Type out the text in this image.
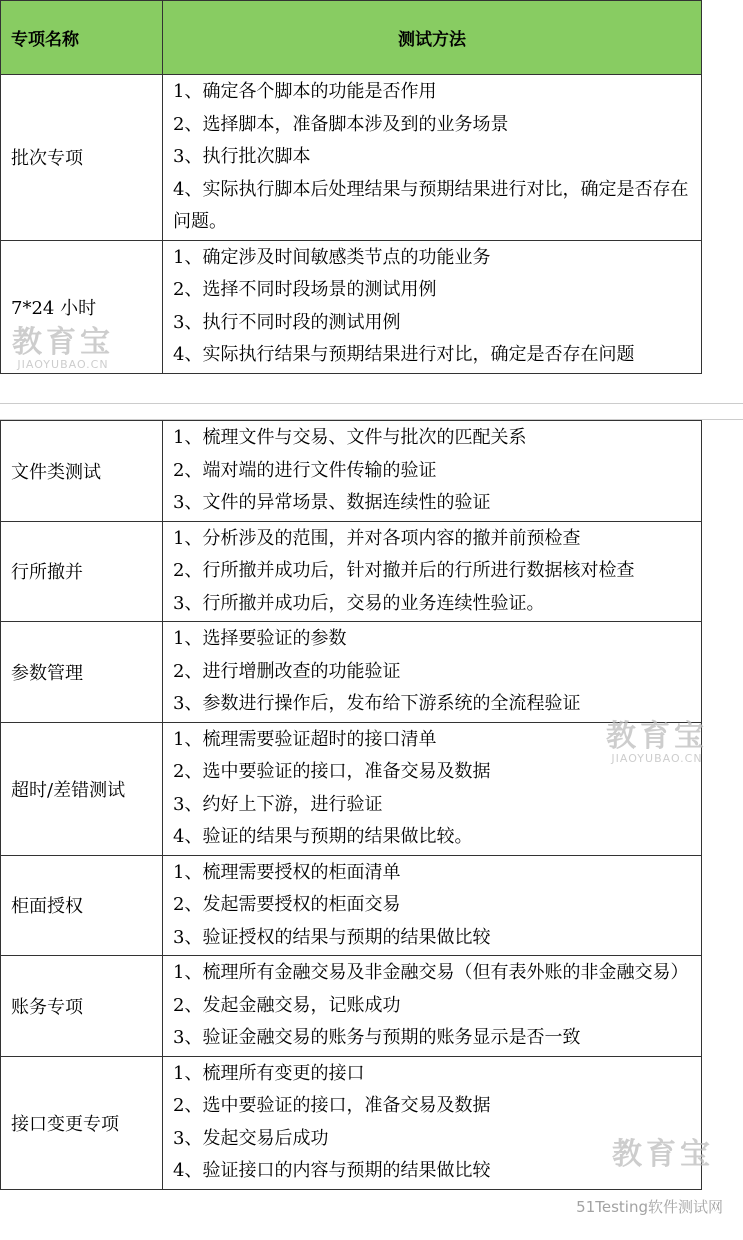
专项名称	测试方法
批次专项	1、确定各个脚本的功能是否作用
2、选择脚本，准备脚本涉及到的业务场景
3、执行批次脚本
4、实际执行脚本后处理结果与预期结果进行对比，确定是否存在问题。

7*24 小时	1、确定涉及时间敏感类节点的功能业务
2、选择不同时段场景的测试用例
3、执行不同时段的测试用例
4、实际执行结果与预期结果进行对比，确定是否存在问题
文件类测试	1、梳理文件与交易、文件与批次的匹配关系
2、端对端的进行文件传输的验证
3、文件的异常场景、数据连续性的验证

行所撤并	1、分析涉及的范围，并对各项内容的撤并前预检查
2、行所撤并成功后，针对撤并后的行所进行数据核对检查
3、行所撤并成功后，交易的业务连续性验证。

参数管理	1、选择要验证的参数
2、进行增删改查的功能验证
3、参数进行操作后，发布给下游系统的全流程验证

超时/差错测试	1、梳理需要验证超时的接口清单
2、选中要验证的接口，准备交易及数据
3、约好上下游，进行验证
4、验证的结果与预期的结果做比较。

柜面授权	1、梳理需要授权的柜面清单
2、发起需要授权的柜面交易
3、验证授权的结果与预期的结果做比较

账务专项	1、梳理所有金融交易及非金融交易（但有表外账的非金融交易）
2、发起金融交易，记账成功
3、验证金融交易的账务与预期的账务显示是否一致

接口变更专项	1、梳理所有变更的接口
2、选中要验证的接口，准备交易及数据
3、发起交易后成功
4、验证接口的内容与预期的结果做比较
教育宝
JIAOYUBAO.CN
教育宝
JIAOYUBAO.CN
教育宝
51Testing软件测试网
